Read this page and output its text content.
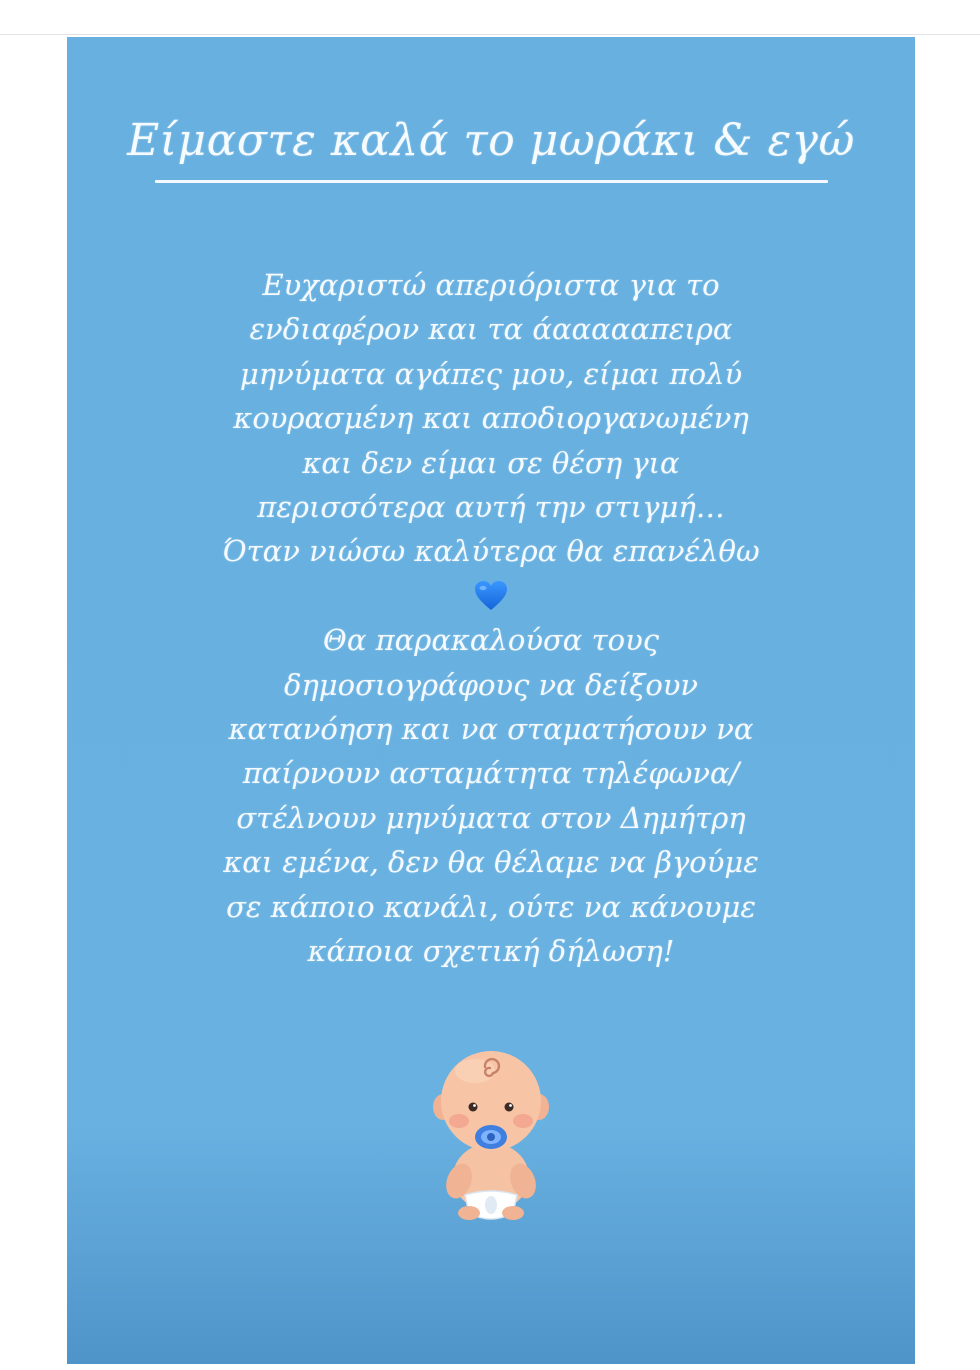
Είμαστε καλά το μωράκι & εγώ
Ευχαριστώ απεριόριστα για το
ενδιαφέρον και τα άαααααπειρα
μηνύματα αγάπες μου, είμαι πολύ
κουρασμένη και αποδιοργανωμένη
και δεν είμαι σε θέση για
περισσότερα αυτή την στιγμή…
Όταν νιώσω καλύτερα θα επανέλθω
Θα παρακαλούσα τους
δημοσιογράφους να δείξουν
κατανόηση και να σταματήσουν να
παίρνουν ασταμάτητα τηλέφωνα/
στέλνουν μηνύματα στον Δημήτρη
και εμένα, δεν θα θέλαμε να βγούμε
σε κάποιο κανάλι, ούτε να κάνουμε
κάποια σχετική δήλωση!
